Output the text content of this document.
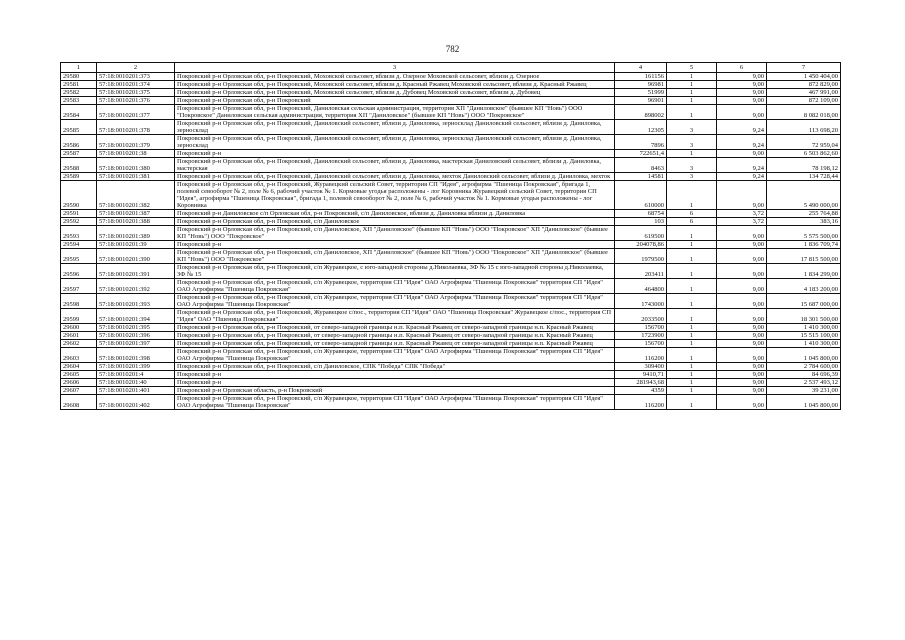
782
1	2	3	4	5	6	7
29580	57:18:0010201:373	Покровский р-н Орловская обл, р-н Покровский, Моховской сельсовет, вблизи д. Озерное Моховской сельсовет, вблизи д. Озерное	161156	1	9,00	1 450 404,00
29581	57:18:0010201:374	Покровский р-н Орловская обл, р-н Покровский, Моховской сельсовет, вблизи д. Красный Ржавец Моховской сельсовет, вблизи д. Красный Ржавец	96981	1	9,00	872 829,00
29582	57:18:0010201:375	Покровский р-н Орловская обл, р-н Покровский, Моховской сельсовет, вблизи д. Дубовец Моховской сельсовет, вблизи д. Дубовец	51999	1	9,00	467 991,00
29583	57:18:0010201:376	Покровский р-н Орловская обл, р-н Покровский	96901	1	9,00	872 109,00
29584	57:18:0010201:377	Покровский р-н Орловская обл, р-н Покровский, Даниловская сельская администрация, территория ХП "Даниловское" (бывшее КП "Новь") ООО "Покровское" Даниловская сельская администрация, территория ХП "Даниловское" (бывшее КП "Новь") ООО "Покровское"	898002	1	9,00	8 082 018,00
29585	57:18:0010201:378	Покровский р-н Орловская обл, р-н Покровский, Даниловский сельсовет, вблизи д. Даниловка, зерносклад Даниловский сельсовет, вблизи д. Даниловка, зерносклад	12305	3	9,24	113 698,20
29586	57:18:0010201:379	Покровский р-н Орловская обл, р-н Покровский, Даниловский сельсовет, вблизи д. Даниловка, зерносклад Даниловский сельсовет, вблизи д. Даниловка, зерносклад	7896	3	9,24	72 959,04
29587	57:18:0010201:38	Покровский р-н	722651,4	1	9,00	6 503 862,60
29588	57:18:0010201:380	Покровский р-н Орловская обл, р-н Покровский, Даниловский сельсовет, вблизи д. Даниловка, мастерская Даниловский сельсовет, вблизи д. Даниловка, мастерская	8463	3	9,24	78 198,12
29589	57:18:0010201:381	Покровский р-н Орловская обл, р-н Покровский, Даниловский сельсовет, вблизи д. Даниловка, мехток Даниловский сельсовет, вблизи д. Даниловка, мехток	14581	3	9,24	134 728,44
29590	57:18:0010201:382	Покровский р-н Орловская обл, р-н Покровский, Журавецкий сельский Совет, территория СП "Идея", агрофирма "Пшеница Покровская", бригада 1, полевой севооборот № 2, поле № 6, рабочий участок № 1. Кормовые угодья расположены - лог Коровника Журавецкий сельский Совет, территория СП "Идея", агрофирма "Пшеница Покровская", бригада 1, полевой севооборот № 2, поле № 6, рабочий участок № 1. Кормовые угодья расположены - лог Коровника	610000	1	9,00	5 490 000,00
29591	57:18:0010201:387	Покровский р-н Даниловское с/п Орловская обл, р-н Покровский, с/п Даниловское, вблизи д. Даниловка вблизи д. Даниловка	68754	6	3,72	255 764,88
29592	57:18:0010201:388	Покровский р-н Орловская обл, р-н Покровский, с/п Даниловское	103	6	3,72	383,16
29593	57:18:0010201:389	Покровский р-н Орловская обл, р-н Покровский, с/п Даниловское, ХП "Даниловское" (бывшее КП "Новь") ООО "Покровское" ХП "Даниловское" (бывшее КП "Новь") ООО "Покровское"	619500	1	9,00	5 575 500,00
29594	57:18:0010201:39	Покровский р-н	204078,86	1	9,00	1 836 709,74
29595	57:18:0010201:390	Покровский р-н Орловская обл, р-н Покровский, с/п Даниловское, ХП "Даниловское" (бывшее КП "Новь") ООО "Покровское" ХП "Даниловское" (бывшее КП "Новь") ООО "Покровское"	1979500	1	9,00	17 815 500,00
29596	57:18:0010201:391	Покровский р-н Орловская обл, р-н Покровский, с/п Журавецкое, с юго-западной стороны д.Николаевка, ЗФ № 15 с юго-западной стороны д.Николаевка, ЗФ № 15	203411	1	9,00	1 834 299,00
29597	57:18:0010201:392	Покровский р-н Орловская обл, р-н Покровский, с/п Журавецкое, территория СП "Идея" ОАО Агрофирма "Пшеница Покровская" территория СП "Идея" ОАО Агрофирма "Пшеница Покровская"	464800	1	9,00	4 183 200,00
29598	57:18:0010201:393	Покровский р-н Орловская обл, р-н Покровский, с/п Журавецкое, территория СП "Идея" ОАО Агрофирма "Пшеница Покровская" территория СП "Идея" ОАО Агрофирма "Пшеница Покровская"	1743000	1	9,00	15 687 000,00
29599	57:18:0010201:394	Покровский р-н Орловская обл, р-н Покровский, Журавецкое с/пос., территория СП "Идея" ОАО "Пшеница Покровская" Журавецкое с/пос., территория СП "Идея" ОАО "Пшеница Покровская"	2033500	1	9,00	18 301 500,00
29600	57:18:0010201:395	Покровский р-н Орловская обл, р-н Покровский, от северо-западной границы н.п. Красный Ржавец от северо-западной границы н.п. Красный Ржавец	156700	1	9,00	1 410 300,00
29601	57:18:0010201:396	Покровский р-н Орловская обл, р-н Покровский, от северо-западной границы н.п. Красный Ржавец от северо-западной границы н.п. Красный Ржавец	1723900	1	9,00	15 515 100,00
29602	57:18:0010201:397	Покровский р-н Орловская обл, р-н Покровский, от северо-западной границы н.п. Красный Ржавец от северо-западной границы н.п. Красный Ржавец	156700	1	9,00	1 410 300,00
29603	57:18:0010201:398	Покровский р-н Орловская обл, р-н Покровский, с/п Журавецкое, территория СП "Идея" ОАО Агрофирма "Пшеница Покровская" территория СП "Идея" ОАО Агрофирма "Пшеница Покровская"	116200	1	9,00	1 045 800,00
29604	57:18:0010201:399	Покровский р-н Орловская обл, р-н Покровский, с/п Даниловское, СПК "Победа" СПК "Победа"	309400	1	9,00	2 784 600,00
29605	57:18:0010201:4	Покровский р-н	9410,71	1	9,00	84 696,39
29606	57:18:0010201:40	Покровский р-н	281943,68	1	9,00	2 537 493,12
29607	57:18:0010201:401	Покровский р-н Орловская область, р-н Покровский	4359	1	9,00	39 231,00
29608	57:18:0010201:402	Покровский р-н Орловская обл, р-н Покровский, с/п Журавецкое, территория СП "Идея" ОАО Агрофирма "Пшеница Покровская" территория СП "Идея" ОАО Агрофирма "Пшеница Покровская"	116200	1	9,00	1 045 800,00
